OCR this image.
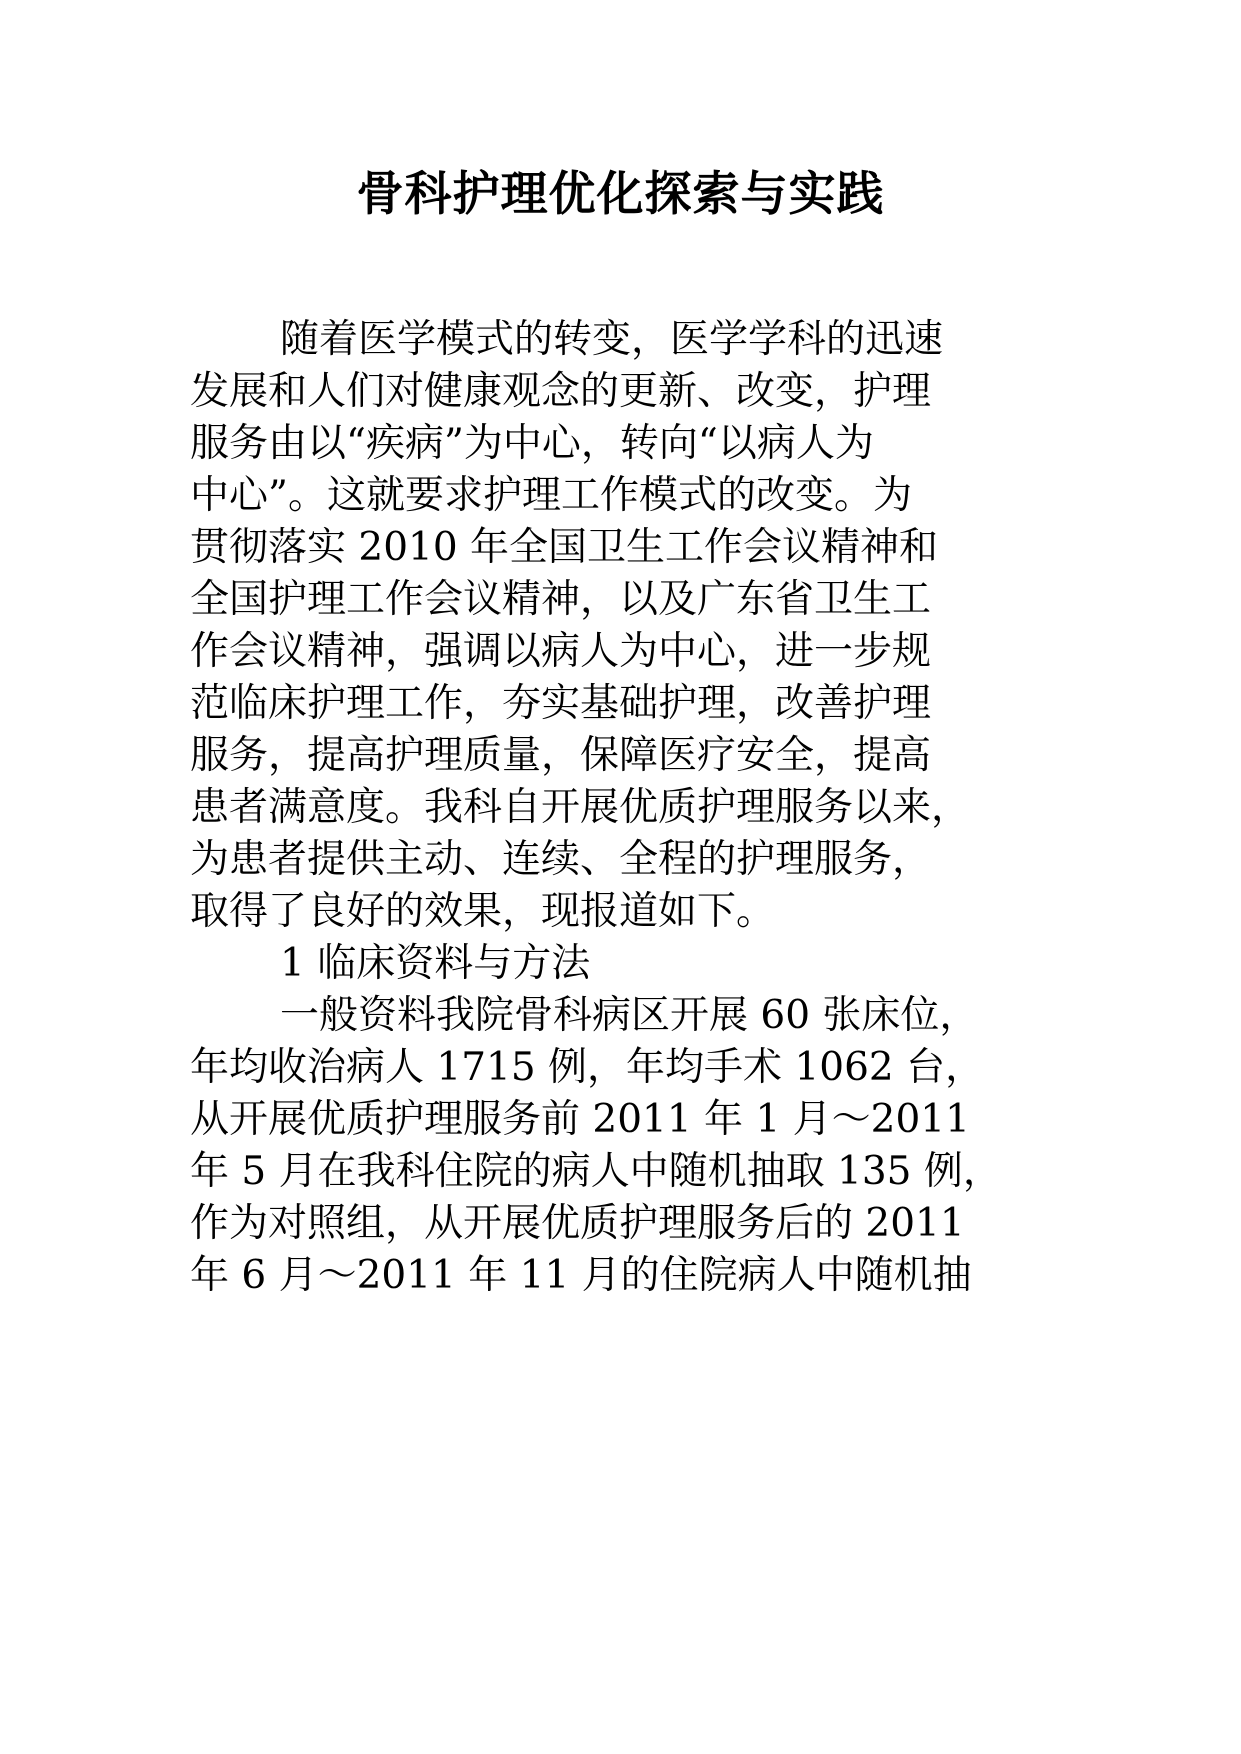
骨科护理优化探索与实践

随着医学模式的转变，医学学科的迅速

发展和人们对健康观念的更新、改变，护理

服务由以“疾病”为中心，转向“以病人为

中心”。这就要求护理工作模式的改变。为

贯彻落实 2010 年全国卫生工作会议精神和

全国护理工作会议精神，以及广东省卫生工

作会议精神，强调以病人为中心，进一步规

范临床护理工作，夯实基础护理，改善护理

服务，提高护理质量，保障医疗安全，提高

患者满意度。我科自开展优质护理服务以来，

为患者提供主动、连续、全程的护理服务，

取得了良好的效果，现报道如下。

1 临床资料与方法

一般资料我院骨科病区开展 60 张床位，

年均收治病人 1715 例，年均手术 1062 台，

从开展优质护理服务前 2011 年 1 月～2011

年 5 月在我科住院的病人中随机抽取 135 例，

作为对照组，从开展优质护理服务后的 2011

年 6 月～2011 年 11 月的住院病人中随机抽
